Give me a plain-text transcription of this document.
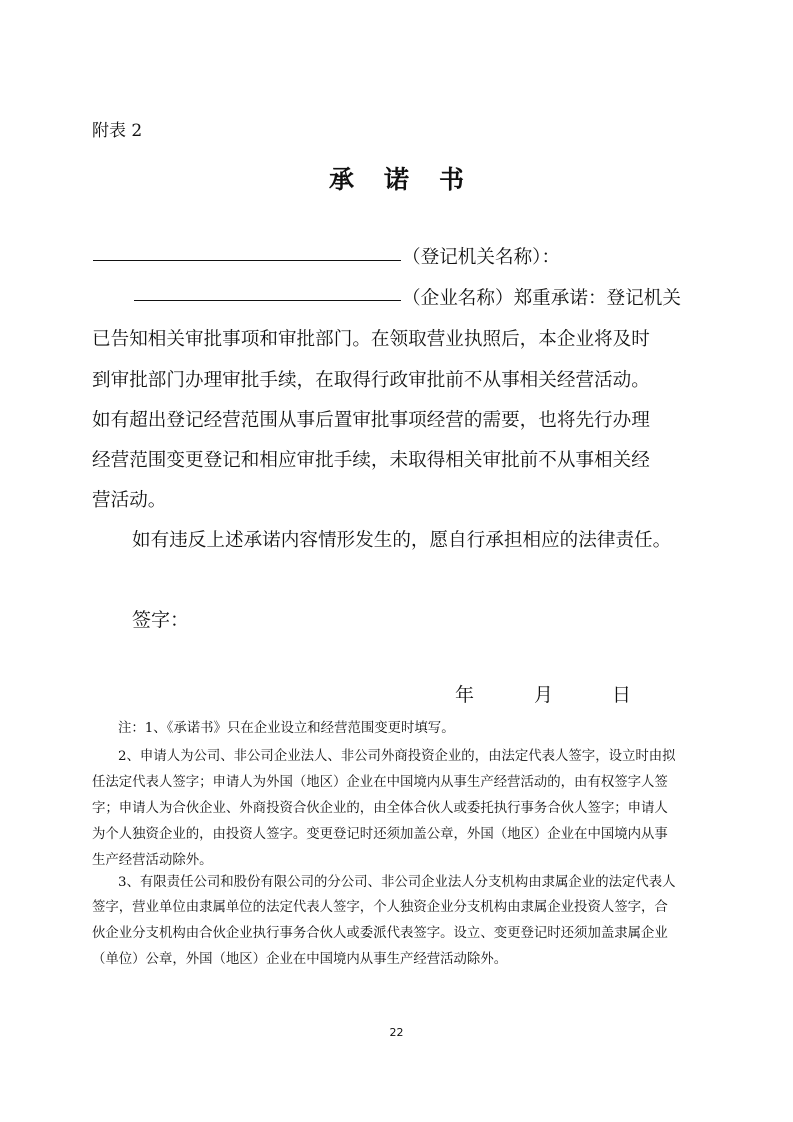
附表 2
承 诺 书
（登记机关名称）：
（企业名称）郑重承诺：登记机关
已告知相关审批事项和审批部门。在领取营业执照后，本企业将及时
到审批部门办理审批手续，在取得行政审批前不从事相关经营活动。
如有超出登记经营范围从事后置审批事项经营的需要，也将先行办理
经营范围变更登记和相应审批手续，未取得相关审批前不从事相关经
营活动。
如有违反上述承诺内容情形发生的，愿自行承担相应的法律责任。
签字：
年	月	日
注：1、《承诺书》只在企业设立和经营范围变更时填写。
2、申请人为公司、非公司企业法人、非公司外商投资企业的，由法定代表人签字，设立时由拟
任法定代表人签字；申请人为外国（地区）企业在中国境内从事生产经营活动的，由有权签字人签
字；申请人为合伙企业、外商投资合伙企业的，由全体合伙人或委托执行事务合伙人签字；申请人
为个人独资企业的，由投资人签字。变更登记时还须加盖公章，外国（地区）企业在中国境内从事
生产经营活动除外。
3、有限责任公司和股份有限公司的分公司、非公司企业法人分支机构由隶属企业的法定代表人
签字，营业单位由隶属单位的法定代表人签字，个人独资企业分支机构由隶属企业投资人签字，合
伙企业分支机构由合伙企业执行事务合伙人或委派代表签字。设立、变更登记时还须加盖隶属企业
（单位）公章，外国（地区）企业在中国境内从事生产经营活动除外。
22
